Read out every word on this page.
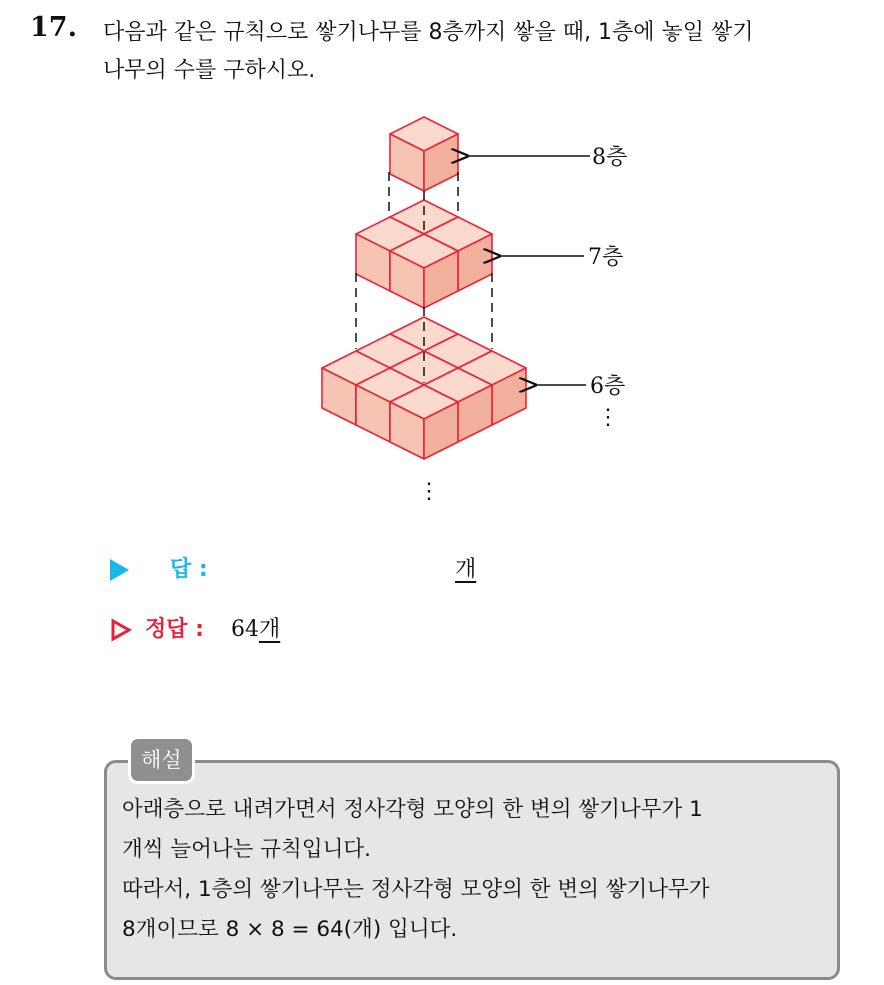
17. 다음과 같은 규칙으로 쌓기나무를 8층까지 쌓을 때, 1층에 놓일 쌓기
나무의 수를 구하시오.
8층
7층
6층
⋮
⋮
답 :	개
정답 : 64개
해설
아래층으로 내려가면서 정사각형 모양의 한 변의 쌓기나무가 1
개씩 늘어나는 규칙입니다.
따라서, 1층의 쌓기나무는 정사각형 모양의 한 변의 쌓기나무가
8개이므로 8 × 8 = 64(개) 입니다.
